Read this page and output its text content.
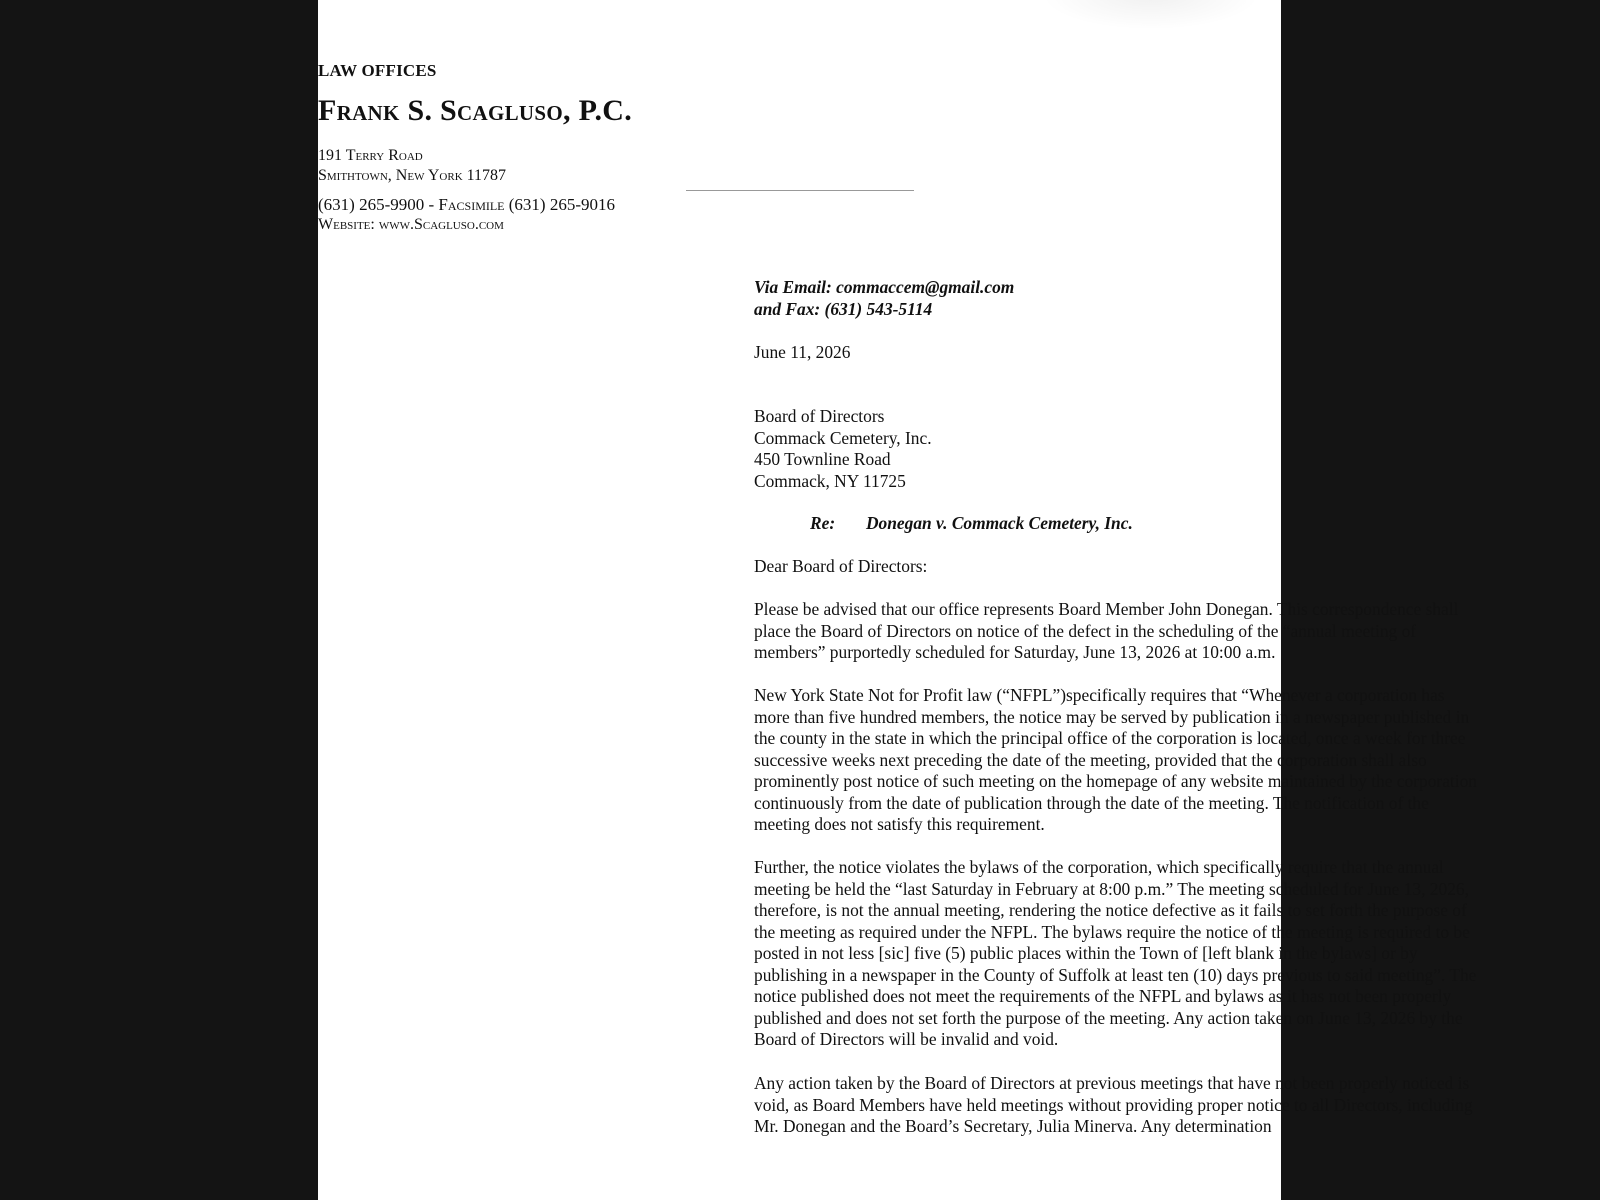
LAW OFFICES
Frank S. Scagluso, P.C.
191 Terry Road
Smithtown, New York 11787
(631) 265-9900 - Facsimile (631) 265-9016
Website: www.Scagluso.com

Via Email: commaccem@gmail.com

and Fax: (631) 543-5114

June 11, 2026

Board of Directors

Commack Cemetery, Inc.

450 Townline Road

Commack, NY 11725

Re: Donegan v. Commack Cemetery, Inc.
Dear Board of Directors:
Please be advised that our office represents Board Member John Donegan. This correspondence shall place the Board of Directors on notice of the defect in the scheduling of the “annual meeting of members” purportedly scheduled for Saturday, June 13, 2026 at 10:00 a.m.
New York State Not for Profit law (“NFPL”)specifically requires that “Whenever a corporation has more than five hundred members, the notice may be served by publication in a newspaper published in the county in the state in which the principal office of the corporation is located, once a week for three successive weeks next preceding the date of the meeting, provided that the corporation shall also prominently post notice of such meeting on the homepage of any website maintained by the corporation continuously from the date of publication through the date of the meeting. The notification of the meeting does not satisfy this requirement.
Further, the notice violates the bylaws of the corporation, which specifically require that the annual meeting be held the “last Saturday in February at 8:00 p.m.” The meeting scheduled for June 13, 2026, therefore, is not the annual meeting, rendering the notice defective as it fails to set forth the purpose of the meeting as required under the NFPL. The bylaws require the notice of the meeting is required to be posted in not less [sic] five (5) public places within the Town of [left blank in the bylaws] or by publishing in a newspaper in the County of Suffolk at least ten (10) days previous to said meeting”. The notice published does not meet the requirements of the NFPL and bylaws as it has not been properly published and does not set forth the purpose of the meeting. Any action taken on June 13, 2026 by the Board of Directors will be invalid and void.
Any action taken by the Board of Directors at previous meetings that have not been properly noticed is void, as Board Members have held meetings without providing proper notice to all Directors, including Mr. Donegan and the Board’s Secretary, Julia Minerva. Any determination
